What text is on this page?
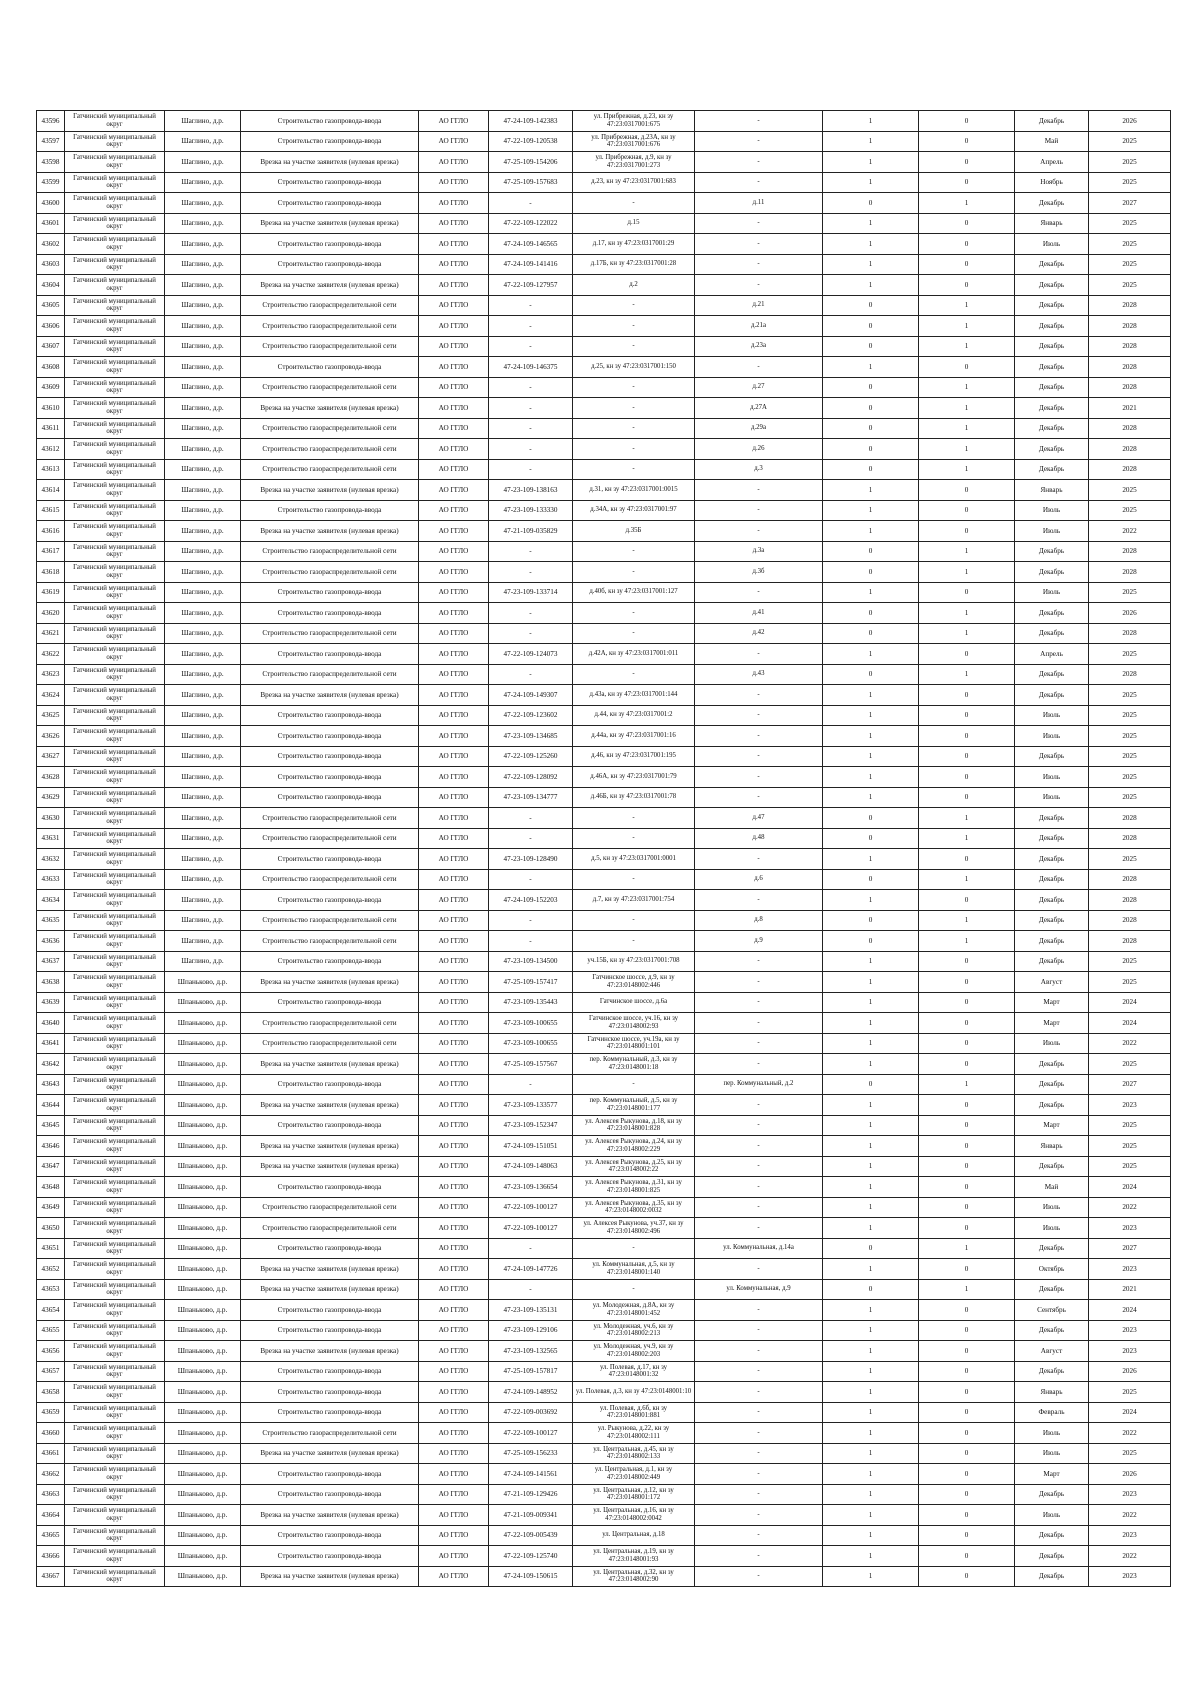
43596	Гатчинский муниципальный округ	Шаглино, д.р.	Строительство газопровода-ввода	АО ГГЛО	47-24-109-142383	ул. Прибрежная, д.23, кн зу 47:23:0317001:675	-	1	0	Декабрь	2026
43597	Гатчинский муниципальный округ	Шаглино, д.р.	Строительство газопровода-ввода	АО ГГЛО	47-22-109-120538	ул. Прибрежная, д.23А, кн зу 47:23:0317001:676	-	1	0	Май	2025
43598	Гатчинский муниципальный округ	Шаглино, д.р.	Врезка на участке заявителя (нулевая врезка)	АО ГГЛО	47-25-109-154206	ул. Прибрежная, д.9, кн зу 47:23:0317001:273	-	1	0	Апрель	2025
43599	Гатчинский муниципальный округ	Шаглино, д.р.	Строительство газопровода-ввода	АО ГГЛО	47-25-109-157683	д.23, кн зу 47:23:0317001:683	-	1	0	Ноябрь	2025
43600	Гатчинский муниципальный округ	Шаглино, д.р.	Строительство газопровода-ввода	АО ГГЛО	-	-	д.11	0	1	Декабрь	2027
43601	Гатчинский муниципальный округ	Шаглино, д.р.	Врезка на участке заявителя (нулевая врезка)	АО ГГЛО	47-22-109-122022	д.15	-	1	0	Январь	2025
43602	Гатчинский муниципальный округ	Шаглино, д.р.	Строительство газопровода-ввода	АО ГГЛО	47-24-109-146565	д.17, кн зу 47:23:0317001:29	-	1	0	Июль	2025
43603	Гатчинский муниципальный округ	Шаглино, д.р.	Строительство газопровода-ввода	АО ГГЛО	47-24-109-141416	д.17Б, кн зу 47:23:0317001:28	-	1	0	Декабрь	2025
43604	Гатчинский муниципальный округ	Шаглино, д.р.	Врезка на участке заявителя (нулевая врезка)	АО ГГЛО	47-22-109-127957	д.2	-	1	0	Декабрь	2025
43605	Гатчинский муниципальный округ	Шаглино, д.р.	Строительство газораспределительной сети	АО ГГЛО	-	-	д.21	0	1	Декабрь	2028
43606	Гатчинский муниципальный округ	Шаглино, д.р.	Строительство газораспределительной сети	АО ГГЛО	-	-	д.21а	0	1	Декабрь	2028
43607	Гатчинский муниципальный округ	Шаглино, д.р.	Строительство газораспределительной сети	АО ГГЛО	-	-	д.23а	0	1	Декабрь	2028
43608	Гатчинский муниципальный округ	Шаглино, д.р.	Строительство газопровода-ввода	АО ГГЛО	47-24-109-146375	д.25, кн зу 47:23:0317001:150	-	1	0	Декабрь	2028
43609	Гатчинский муниципальный округ	Шаглино, д.р.	Строительство газораспределительной сети	АО ГГЛО	-	-	д.27	0	1	Декабрь	2028
43610	Гатчинский муниципальный округ	Шаглино, д.р.	Врезка на участке заявителя (нулевая врезка)	АО ГГЛО	-	-	д.27А	0	1	Декабрь	2021
43611	Гатчинский муниципальный округ	Шаглино, д.р.	Строительство газораспределительной сети	АО ГГЛО	-	-	д.29а	0	1	Декабрь	2028
43612	Гатчинский муниципальный округ	Шаглино, д.р.	Строительство газораспределительной сети	АО ГГЛО	-	-	д.26	0	1	Декабрь	2028
43613	Гатчинский муниципальный округ	Шаглино, д.р.	Строительство газораспределительной сети	АО ГГЛО	-	-	д.3	0	1	Декабрь	2028
43614	Гатчинский муниципальный округ	Шаглино, д.р.	Врезка на участке заявителя (нулевая врезка)	АО ГГЛО	47-23-109-138163	д.31, кн зу 47:23:0317001:0015	-	1	0	Январь	2025
43615	Гатчинский муниципальный округ	Шаглино, д.р.	Строительство газопровода-ввода	АО ГГЛО	47-23-109-133330	д.34А, кн зу 47:23:0317001:97	-	1	0	Июль	2025
43616	Гатчинский муниципальный округ	Шаглино, д.р.	Врезка на участке заявителя (нулевая врезка)	АО ГГЛО	47-21-109-035829	д.35Б	-	1	0	Июль	2022
43617	Гатчинский муниципальный округ	Шаглино, д.р.	Строительство газораспределительной сети	АО ГГЛО	-	-	д.3а	0	1	Декабрь	2028
43618	Гатчинский муниципальный округ	Шаглино, д.р.	Строительство газораспределительной сети	АО ГГЛО	-	-	д.3б	0	1	Декабрь	2028
43619	Гатчинский муниципальный округ	Шаглино, д.р.	Строительство газопровода-ввода	АО ГГЛО	47-23-109-133714	д.40б, кн зу 47:23:0317001:127	-	1	0	Июль	2025
43620	Гатчинский муниципальный округ	Шаглино, д.р.	Строительство газопровода-ввода	АО ГГЛО	-	-	д.41	0	1	Декабрь	2026
43621	Гатчинский муниципальный округ	Шаглино, д.р.	Строительство газораспределительной сети	АО ГГЛО	-	-	д.42	0	1	Декабрь	2028
43622	Гатчинский муниципальный округ	Шаглино, д.р.	Строительство газопровода-ввода	АО ГГЛО	47-22-109-124073	д.42А, кн зу 47:23:0317001:011	-	1	0	Апрель	2025
43623	Гатчинский муниципальный округ	Шаглино, д.р.	Строительство газораспределительной сети	АО ГГЛО	-	-	д.43	0	1	Декабрь	2028
43624	Гатчинский муниципальный округ	Шаглино, д.р.	Врезка на участке заявителя (нулевая врезка)	АО ГГЛО	47-24-109-149307	д.43а, кн зу 47:23:0317001:144	-	1	0	Декабрь	2025
43625	Гатчинский муниципальный округ	Шаглино, д.р.	Строительство газопровода-ввода	АО ГГЛО	47-22-109-123602	д.44, кн зу 47:23:0317001:2	-	1	0	Июль	2025
43626	Гатчинский муниципальный округ	Шаглино, д.р.	Строительство газопровода-ввода	АО ГГЛО	47-23-109-134685	д.44а, кн зу 47:23:0317001:16	-	1	0	Июль	2025
43627	Гатчинский муниципальный округ	Шаглино, д.р.	Строительство газопровода-ввода	АО ГГЛО	47-22-109-125260	д.46, кн зу 47:23:0317001:195	-	1	0	Декабрь	2025
43628	Гатчинский муниципальный округ	Шаглино, д.р.	Строительство газопровода-ввода	АО ГГЛО	47-22-109-128092	д.46А, кн зу 47:23:0317001:79	-	1	0	Июль	2025
43629	Гатчинский муниципальный округ	Шаглино, д.р.	Строительство газопровода-ввода	АО ГГЛО	47-23-109-134777	д.46Б, кн зу 47:23:0317001:78	-	1	0	Июль	2025
43630	Гатчинский муниципальный округ	Шаглино, д.р.	Строительство газораспределительной сети	АО ГГЛО	-	-	д.47	0	1	Декабрь	2028
43631	Гатчинский муниципальный округ	Шаглино, д.р.	Строительство газораспределительной сети	АО ГГЛО	-	-	д.48	0	1	Декабрь	2028
43632	Гатчинский муниципальный округ	Шаглино, д.р.	Строительство газопровода-ввода	АО ГГЛО	47-23-109-128490	д.5, кн зу 47:23:0317001:0001	-	1	0	Декабрь	2025
43633	Гатчинский муниципальный округ	Шаглино, д.р.	Строительство газораспределительной сети	АО ГГЛО	-	-	д.6	0	1	Декабрь	2028
43634	Гатчинский муниципальный округ	Шаглино, д.р.	Строительство газопровода-ввода	АО ГГЛО	47-24-109-152203	д.7, кн зу 47:23:0317001:754	-	1	0	Декабрь	2028
43635	Гатчинский муниципальный округ	Шаглино, д.р.	Строительство газораспределительной сети	АО ГГЛО	-	-	д.8	0	1	Декабрь	2028
43636	Гатчинский муниципальный округ	Шаглино, д.р.	Строительство газораспределительной сети	АО ГГЛО	-	-	д.9	0	1	Декабрь	2028
43637	Гатчинский муниципальный округ	Шаглино, д.р.	Строительство газопровода-ввода	АО ГГЛО	47-23-109-134500	уч.15Б, кн зу 47:23:0317001:708	-	1	0	Декабрь	2025
43638	Гатчинский муниципальный округ	Шпаньково, д.р.	Врезка на участке заявителя (нулевая врезка)	АО ГГЛО	47-25-109-157417	Гатчинское шоссе, д.9, кн зу 47:23:0148002:446	-	1	0	Август	2025
43639	Гатчинский муниципальный округ	Шпаньково, д.р.	Строительство газопровода-ввода	АО ГГЛО	47-23-109-135443	Гатчинское шоссе, д.6а	-	1	0	Март	2024
43640	Гатчинский муниципальный округ	Шпаньково, д.р.	Строительство газораспределительной сети	АО ГГЛО	47-23-109-100655	Гатчинское шоссе, уч.16, кн зу 47:23:0148002:93	-	1	0	Март	2024
43641	Гатчинский муниципальный округ	Шпаньково, д.р.	Строительство газораспределительной сети	АО ГГЛО	47-23-109-100655	Гатчинское шоссе, уч.19а, кн зу 47:23:0148001:101	-	1	0	Июль	2022
43642	Гатчинский муниципальный округ	Шпаньково, д.р.	Врезка на участке заявителя (нулевая врезка)	АО ГГЛО	47-25-109-157567	пер. Коммунальный, д.3, кн зу 47:23:0148001:18	-	1	0	Декабрь	2025
43643	Гатчинский муниципальный округ	Шпаньково, д.р.	Строительство газопровода-ввода	АО ГГЛО	-	-	пер. Коммунальный, д.2	0	1	Декабрь	2027
43644	Гатчинский муниципальный округ	Шпаньково, д.р.	Врезка на участке заявителя (нулевая врезка)	АО ГГЛО	47-23-109-133577	пер. Коммунальный, д.5, кн зу 47:23:0148001:177	-	1	0	Декабрь	2023
43645	Гатчинский муниципальный округ	Шпаньково, д.р.	Строительство газопровода-ввода	АО ГГЛО	47-23-109-152347	ул. Алексея Рыкунова, д.18, кн зу 47:23:0148001:828	-	1	0	Март	2025
43646	Гатчинский муниципальный округ	Шпаньково, д.р.	Врезка на участке заявителя (нулевая врезка)	АО ГГЛО	47-24-109-151051	ул. Алексея Рыкунова, д.24, кн зу 47:23:0148002:229	-	1	0	Январь	2025
43647	Гатчинский муниципальный округ	Шпаньково, д.р.	Врезка на участке заявителя (нулевая врезка)	АО ГГЛО	47-24-109-148063	ул. Алексея Рыкунова, д.25, кн зу 47:23:0148002:22	-	1	0	Декабрь	2025
43648	Гатчинский муниципальный округ	Шпаньково, д.р.	Строительство газопровода-ввода	АО ГГЛО	47-23-109-136654	ул. Алексея Рыкунова, д.31, кн зу 47:23:0148001:825	-	1	0	Май	2024
43649	Гатчинский муниципальный округ	Шпаньково, д.р.	Строительство газораспределительной сети	АО ГГЛО	47-22-109-100127	ул. Алексея Рыкунова, д.35, кн зу 47:23:0148002:0032	-	1	0	Июль	2022
43650	Гатчинский муниципальный округ	Шпаньково, д.р.	Строительство газораспределительной сети	АО ГГЛО	47-22-109-100127	ул. Алексея Рыкунова, уч.37, кн зу 47:23:0148002:496	-	1	0	Июль	2023
43651	Гатчинский муниципальный округ	Шпаньково, д.р.	Строительство газопровода-ввода	АО ГГЛО	-	-	ул. Коммунальная, д.14а	0	1	Декабрь	2027
43652	Гатчинский муниципальный округ	Шпаньково, д.р.	Врезка на участке заявителя (нулевая врезка)	АО ГГЛО	47-24-109-147726	ул. Коммунальная, д.5, кн зу 47:23:0148001:140	-	1	0	Октябрь	2023
43653	Гатчинский муниципальный округ	Шпаньково, д.р.	Врезка на участке заявителя (нулевая врезка)	АО ГГЛО	-	-	ул. Коммунальная, д.9	0	1	Декабрь	2021
43654	Гатчинский муниципальный округ	Шпаньково, д.р.	Строительство газопровода-ввода	АО ГГЛО	47-23-109-135131	ул. Молодежная, д.8А, кн зу 47:23:0148001:452	-	1	0	Сентябрь	2024
43655	Гатчинский муниципальный округ	Шпаньково, д.р.	Строительство газопровода-ввода	АО ГГЛО	47-23-109-129106	ул. Молодежная, уч.6, кн зу 47:23:0148002:213	-	1	0	Декабрь	2023
43656	Гатчинский муниципальный округ	Шпаньково, д.р.	Врезка на участке заявителя (нулевая врезка)	АО ГГЛО	47-23-109-132565	ул. Молодежная, уч.9, кн зу 47:23:0148002:203	-	1	0	Август	2023
43657	Гатчинский муниципальный округ	Шпаньково, д.р.	Строительство газопровода-ввода	АО ГГЛО	47-25-109-157817	ул. Полевая, д.17, кн зу 47:23:0148001:32	-	1	0	Декабрь	2026
43658	Гатчинский муниципальный округ	Шпаньково, д.р.	Строительство газопровода-ввода	АО ГГЛО	47-24-109-148952	ул. Полевая, д.3, кн зу 47:23:0148001:10	-	1	0	Январь	2025
43659	Гатчинский муниципальный округ	Шпаньково, д.р.	Строительство газопровода-ввода	АО ГГЛО	47-22-109-003692	ул. Полевая, д.6б, кн зу 47:23:0148001:881	-	1	0	Февраль	2024
43660	Гатчинский муниципальный округ	Шпаньково, д.р.	Строительство газораспределительной сети	АО ГГЛО	47-22-109-100127	ул. Рыкунова, д.22, кн зу 47:23:0148002:111	-	1	0	Июль	2022
43661	Гатчинский муниципальный округ	Шпаньково, д.р.	Врезка на участке заявителя (нулевая врезка)	АО ГГЛО	47-25-109-156233	ул. Центральная, д.45, кн зу 47:23:0148002:133	-	1	0	Июль	2025
43662	Гатчинский муниципальный округ	Шпаньково, д.р.	Строительство газопровода-ввода	АО ГГЛО	47-24-109-141561	ул. Центральная, д.1, кн зу 47:23:0148002:449	-	1	0	Март	2026
43663	Гатчинский муниципальный округ	Шпаньково, д.р.	Строительство газопровода-ввода	АО ГГЛО	47-21-109-129426	ул. Центральная, д.12, кн зу 47:23:0148001:172	-	1	0	Декабрь	2023
43664	Гатчинский муниципальный округ	Шпаньково, д.р.	Врезка на участке заявителя (нулевая врезка)	АО ГГЛО	47-21-109-009341	ул. Центральная, д.16, кн зу 47:23:0148002:0042	-	1	0	Июль	2022
43665	Гатчинский муниципальный округ	Шпаньково, д.р.	Строительство газопровода-ввода	АО ГГЛО	47-22-109-005439	ул. Центральная, д.18	-	1	0	Декабрь	2023
43666	Гатчинский муниципальный округ	Шпаньково, д.р.	Строительство газопровода-ввода	АО ГГЛО	47-22-109-125740	ул. Центральная, д.19, кн зу 47:23:0148001:93	-	1	0	Декабрь	2022
43667	Гатчинский муниципальный округ	Шпаньково, д.р.	Врезка на участке заявителя (нулевая врезка)	АО ГГЛО	47-24-109-150615	ул. Центральная, д.32, кн зу 47:23:0148002:90	-	1	0	Декабрь	2023
